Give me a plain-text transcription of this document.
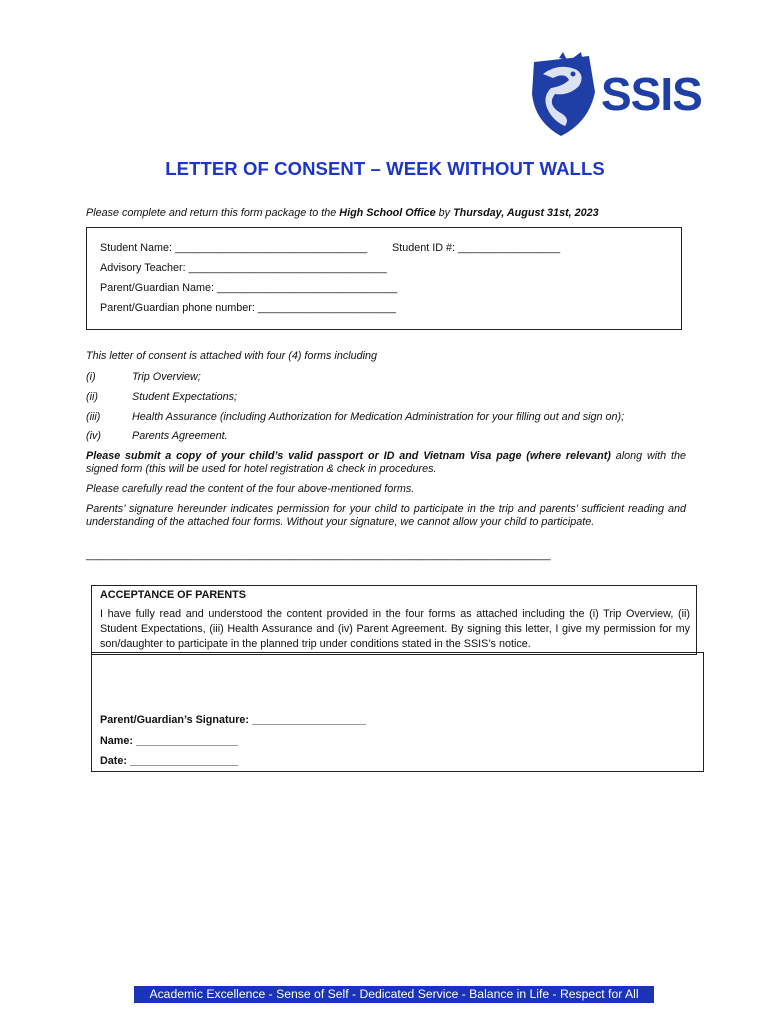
SSIS
LETTER OF CONSENT – WEEK WITHOUT WALLS
Please complete and return this form package to the High School Office by Thursday, August 31st, 2023
Student Name: ________________________________ Student ID #: _________________
Advisory Teacher: _________________________________
Parent/Guardian Name: ______________________________
Parent/Guardian phone number: _______________________
This letter of consent is attached with four (4) forms including
(i)	Trip Overview;
(ii)	Student Expectations;
(iii)	Health Assurance (including Authorization for Medication Administration for your filling out and sign on);
(iv)	Parents Agreement.
Please submit a copy of your child’s valid passport or ID and Vietnam Visa page (where relevant) along with the signed form (this will be used for hotel registration & check in procedures.
Please carefully read the content of the four above-mentioned forms.
Parents’ signature hereunder indicates permission for your child to participate in the trip and parents’ sufficient reading and understanding of the attached four forms. Without your signature, we cannot allow your child to participate.
________________________________________________________________________________
ACCEPTANCE OF PARENTS
I have fully read and understood the content provided in the four forms as attached including the (i) Trip Overview, (ii) Student Expectations, (iii) Health Assurance and (iv) Parent Agreement. By signing this letter, I give my permission for my son/daughter to participate in the planned trip under conditions stated in the SSIS’s notice.
Parent/Guardian’s Signature: ___________________
Name: _________________
Date: __________________
Academic Excellence - Sense of Self - Dedicated Service - Balance in Life - Respect for All
